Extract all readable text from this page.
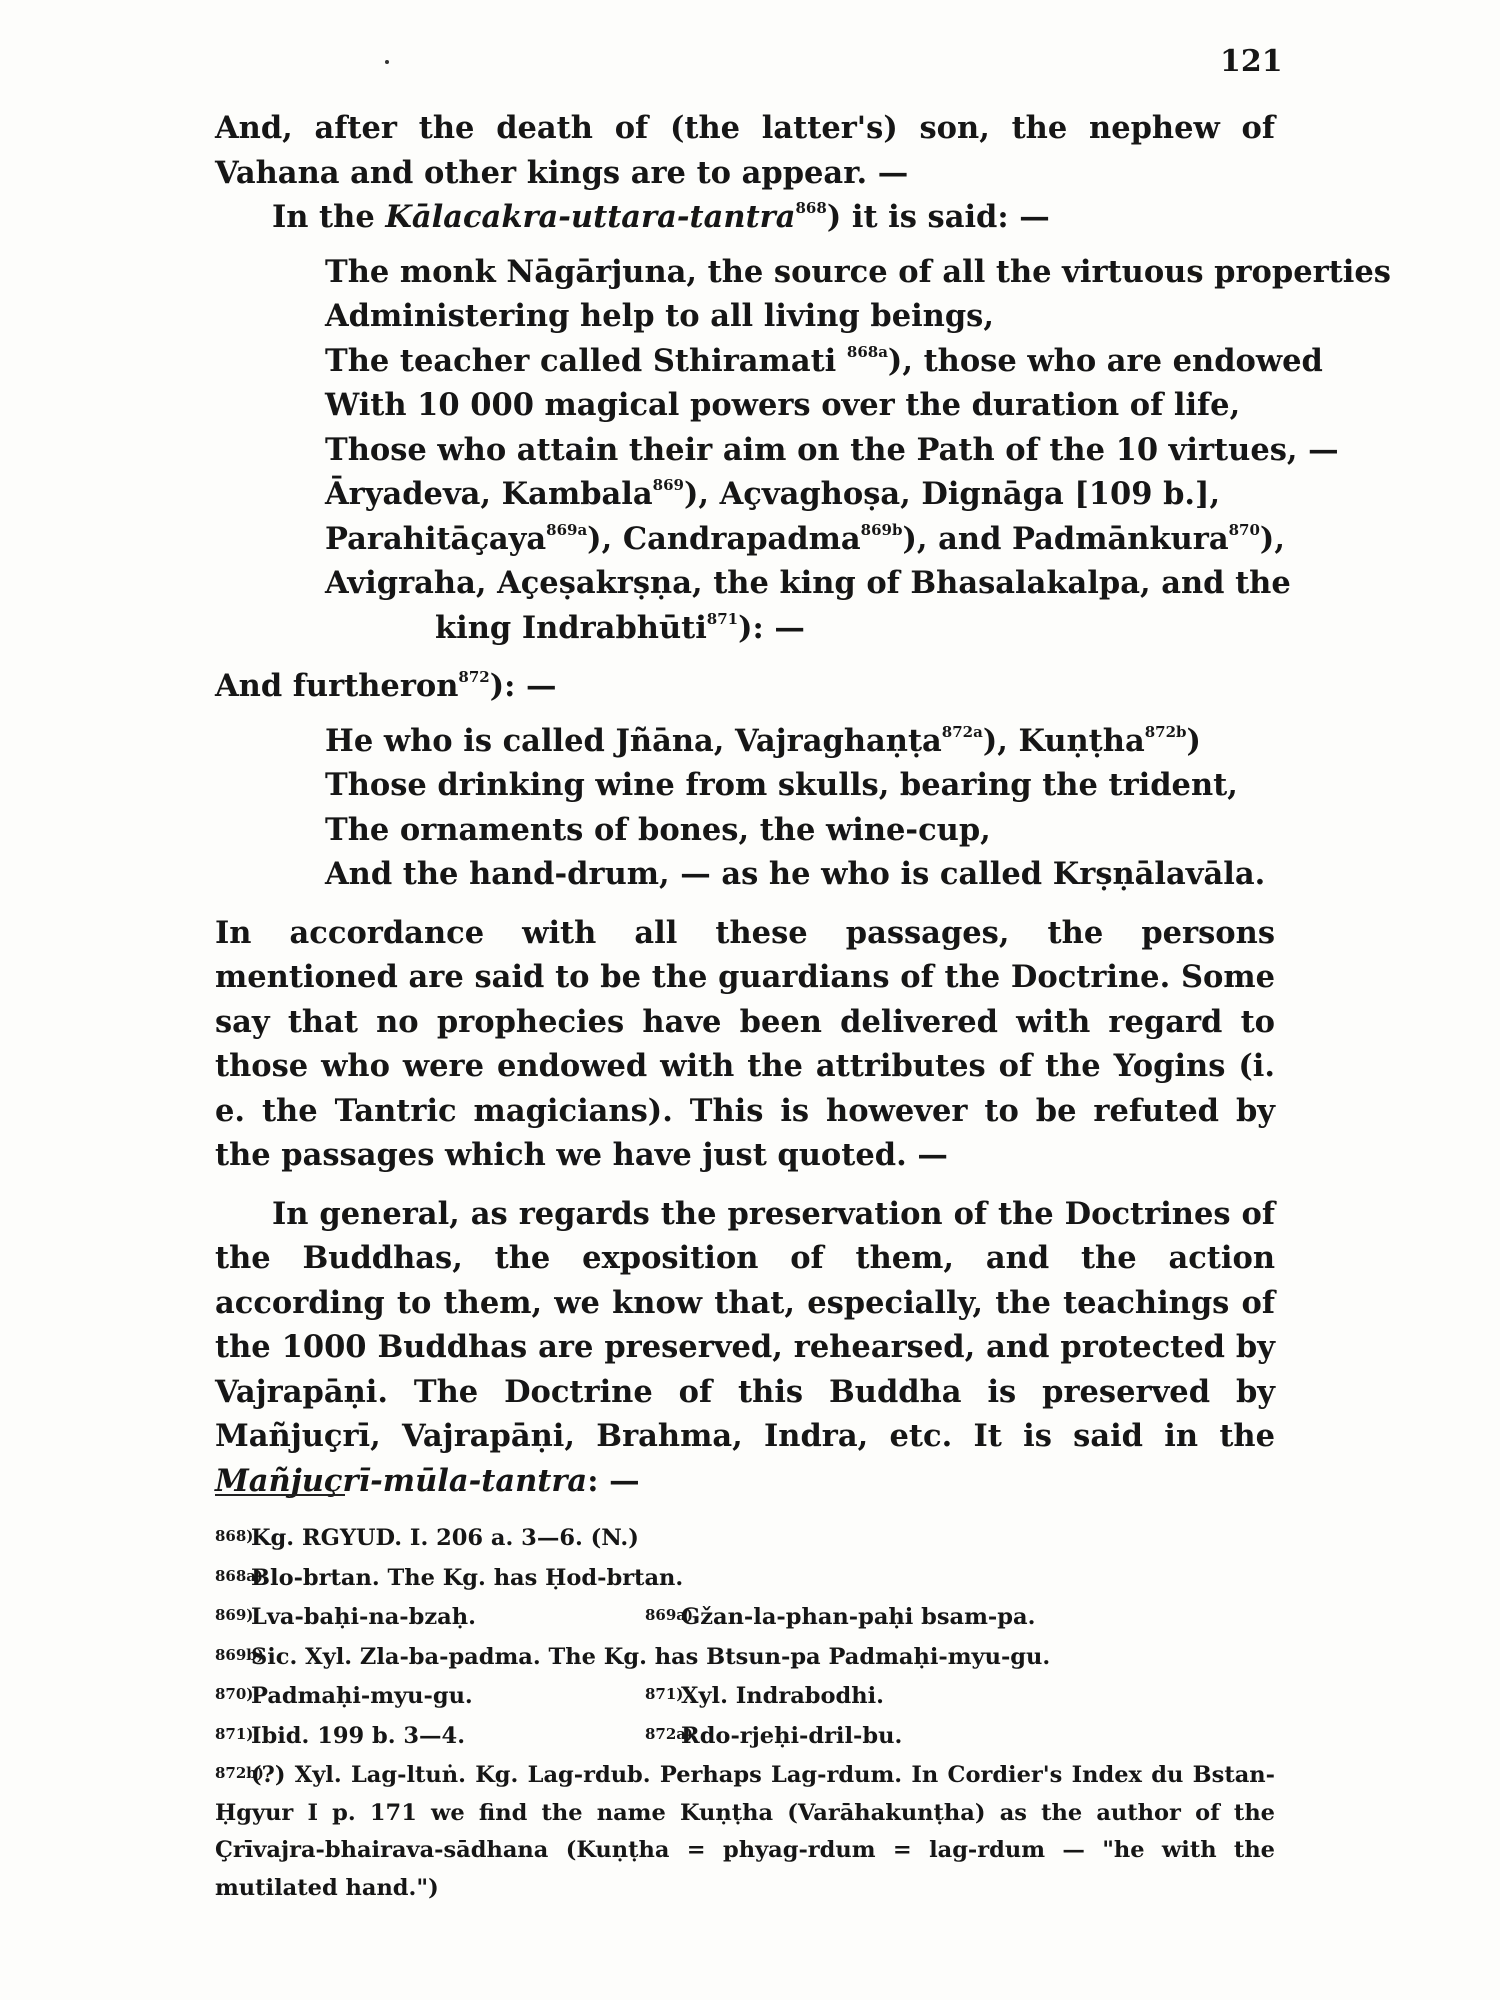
121

And, after the death of (the latter's) son, the nephew of Vahana and other kings are to appear. —

In the Kālacakra-uttara-tantra$^{868}$) it is said: —

The monk Nāgārjuna, the source of all the virtuous properties
Administering help to all living beings,
The teacher called Sthiramati $^{868a}$), those who are endowed
With 10 000 magical powers over the duration of life,
Those who attain their aim on the Path of the 10 virtues, —
Āryadeva, Kambala$^{869}$), Açvaghoṣa, Dignāga [109 b.],
Parahitāçaya$^{869a}$), Candrapadma$^{869b}$), and Padmānkura$^{870}$),
Avigraha, Açeṣakrṣṇa, the king of Bhasalakalpa, and the
king Indrabhūti$^{871}$): —

And furtheron$^{872}$): —

He who is called Jñāna, Vajraghaṇṭa$^{872a}$), Kuṇṭha$^{872b}$)
Those drinking wine from skulls, bearing the trident,
The ornaments of bones, the wine-cup,
And the hand-drum, — as he who is called Krṣṇālavāla.

In accordance with all these passages, the persons mentioned are said to be the guardians of the Doctrine. Some say that no prophecies have been delivered with regard to those who were endowed with the attributes of the Yogins (i. e. the Tantric magicians). This is however to be refuted by the passages which we have just quoted. —

In general, as regards the preservation of the Doctrines of the Buddhas, the exposition of them, and the action according to them, we know that, especially, the teachings of the 1000 Buddhas are preserved, rehearsed, and protected by Vajrapāṇi. The Doctrine of this Buddha is preserved by Mañjuçrī, Vajrapāṇi, Brahma, Indra, etc. It is said in the Mañjuçrī-mūla-tantra: —

868)Kg. RGYUD. I. 206 a. 3—6. (N.)
868a)Blo-brtan. The Kg. has Ḥod-brtan.
869)Lva-baḥi-na-bzaḥ.	869a)Gžan-la-phan-paḥi bsam-pa.
869b)Sic. Xyl. Zla-ba-padma. The Kg. has Btsun-pa Padmaḥi-myu-gu.
870)Padmaḥi-myu-gu.	871)Xyl. Indrabodhi.
871)Ibid. 199 b. 3—4.	872a)Rdo-rjeḥi-dril-bu.
872b)(?) Xyl. Lag-ltuṅ. Kg. Lag-rdub. Perhaps Lag-rdum. In Cordier's Index du Bstan-Ḥgyur I p. 171 we find the name Kuṇṭha (Varāhakunṭha) as the author of the Çrīvajra-bhairava-sādhana (Kuṇṭha = phyag-rdum = lag-rdum — "he with the mutilated hand.")
